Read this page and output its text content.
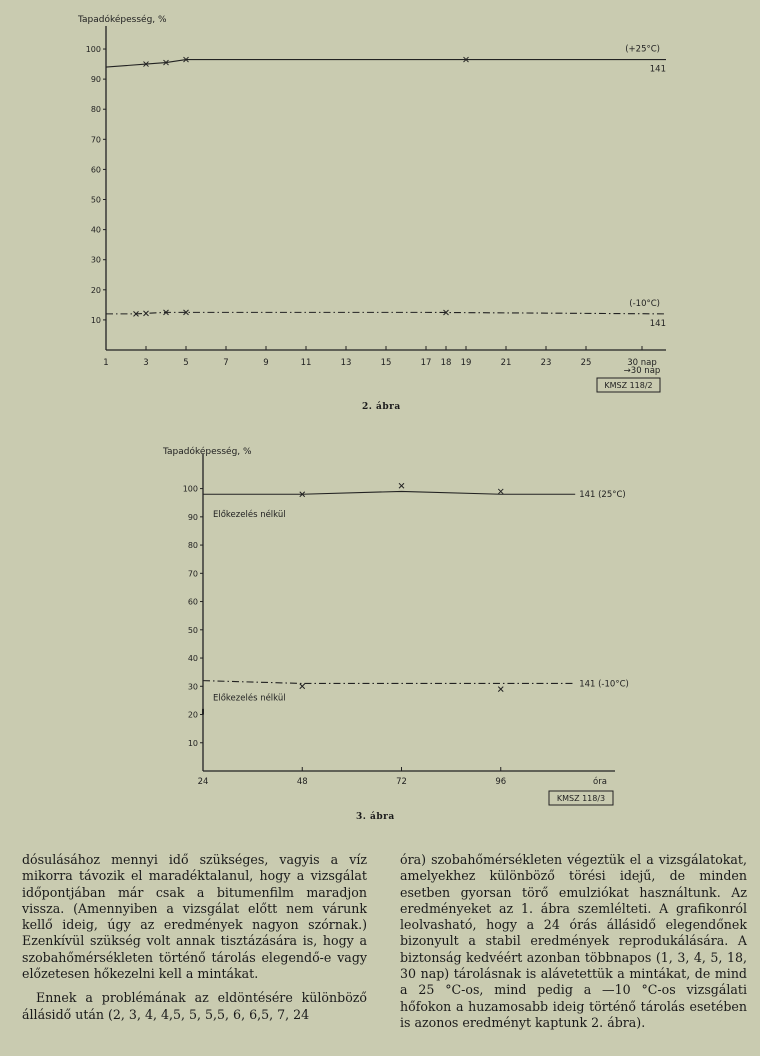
Tapadóképesség, %
10
20
30
40
50
60
70
80
90
100
1	3	5	7	9	11	13	15	17 18 19	21	23	25	30 nap
→30 nap
(+25°C)
141
(-10°C)
141
KMSZ 118/2
2. ábra
Tapadóképesség, %
10
20
30
40
50
60
70
80
90
100
24	48	72	96	óra
141 (25°C)
141 (-10°C)
Előkezelés nélkül
Előkezelés nélkül
KMSZ 118/3
3. ábra

dósulásához mennyi idő szükséges, vagyis a víz mikorra távozik el maradéktalanul, hogy a vizsgálat időpontjában már csak a bitumenfilm maradjon vissza. (Amennyiben a vizsgálat előtt nem várunk kellő ideig, úgy az eredmények nagyon szórnak.) Ezenkívül szükség volt annak tisztázására is, hogy a szobahőmérsékleten történő tárolás elegendő-e vagy előzetesen hőkezelni kell a mintákat.

Ennek a problémának az eldöntésére különböző állásidő után (2, 3, 4, 4,5, 5, 5,5, 6, 6,5, 7, 24

óra) szobahőmérsékleten végeztük el a vizsgálatokat, amelyekhez különböző törési idejű, de minden esetben gyorsan törő emulziókat használtunk. Az eredményeket az 1. ábra szemlélteti. A grafikonról leolvasható, hogy a 24 órás állásidő elegendőnek bizonyult a stabil eredmények reprodukálására. A biztonság kedvéért azonban többnapos (1, 3, 4, 5, 18, 30 nap) tárolásnak is alávetettük a mintákat, de mind a 25 °C-os, mind pedig a —10 °C-os vizsgálati hőfokon a huzamosabb ideig történő tárolás esetében is azonos eredményt kaptunk 2. ábra).
